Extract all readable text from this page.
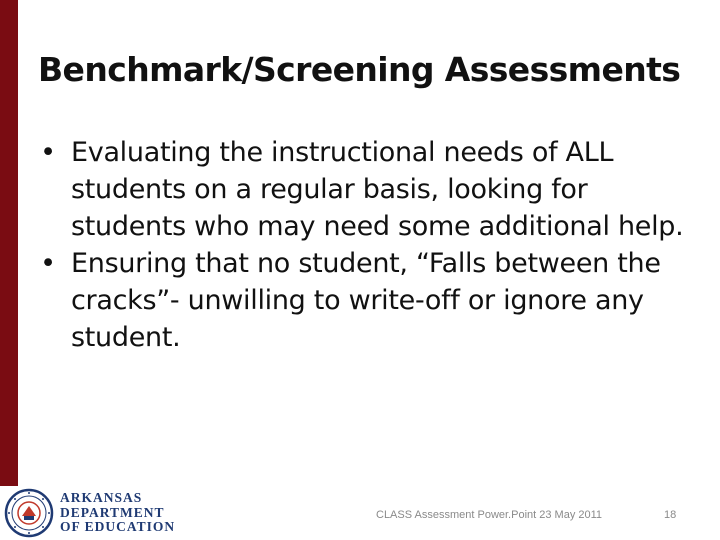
Benchmark/Screening Assessments
• Evaluating the instructional needs of ALL students on a regular basis, looking for students who may need some additional help.
• Ensuring that no student, “Falls between the cracks”- unwilling to write-off or ignore any student.
ARKANSAS
DEPARTMENT
OF EDUCATION
CLASS Assessment Power.Point 23 May 2011	18
